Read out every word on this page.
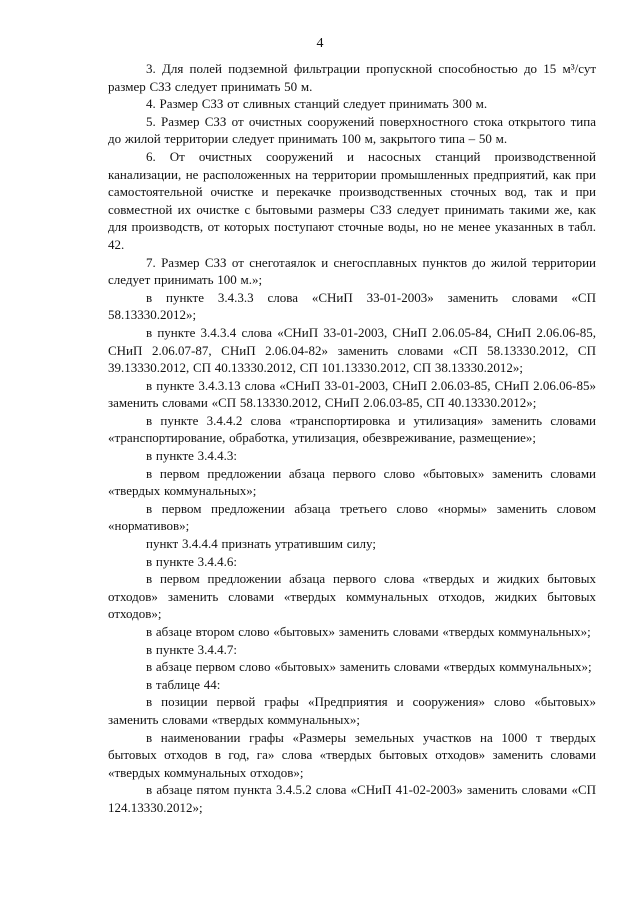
4

3. Для полей подземной фильтрации пропускной способностью до 15 м³/сут размер СЗЗ следует принимать 50 м.

4. Размер СЗЗ от сливных станций следует принимать 300 м.

5. Размер СЗЗ от очистных сооружений поверхностного стока открытого типа до жилой территории следует принимать 100 м, закрытого типа – 50 м.

6. От очистных сооружений и насосных станций производственной канализации, не расположенных на территории промышленных предприятий, как при самостоятельной очистке и перекачке производственных сточных вод, так и при совместной их очистке с бытовыми размеры СЗЗ следует принимать такими же, как для производств, от которых поступают сточные воды, но не менее указанных в табл. 42.

7. Размер СЗЗ от снеготаялок и снегосплавных пунктов до жилой территории следует принимать 100 м.»;

в пункте 3.4.3.3 слова «СНиП 33-01-2003» заменить словами «СП 58.13330.2012»;

в пункте 3.4.3.4 слова «СНиП 33-01-2003, СНиП 2.06.05-84, СНиП 2.06.06-85, СНиП 2.06.07-87, СНиП 2.06.04-82» заменить словами «СП 58.13330.2012, СП 39.13330.2012, СП 40.13330.2012, СП 101.13330.2012, СП 38.13330.2012»;

в пункте 3.4.3.13 слова «СНиП 33-01-2003, СНиП 2.06.03-85, СНиП 2.06.06-85» заменить словами «СП 58.13330.2012, СНиП 2.06.03-85, СП 40.13330.2012»;

в пункте 3.4.4.2 слова «транспортировка и утилизация» заменить словами «транспортирование, обработка, утилизация, обезвреживание, размещение»;

в пункте 3.4.4.3:

в первом предложении абзаца первого слово «бытовых» заменить словами «твердых коммунальных»;

в первом предложении абзаца третьего слово «нормы» заменить словом «нормативов»;

пункт 3.4.4.4 признать утратившим силу;

в пункте 3.4.4.6:

в первом предложении абзаца первого слова «твердых и жидких бытовых отходов» заменить словами «твердых коммунальных отходов, жидких бытовых отходов»;

в абзаце втором слово «бытовых» заменить словами «твердых коммунальных»;

в пункте 3.4.4.7:

в абзаце первом слово «бытовых» заменить словами «твердых коммунальных»;

в таблице 44:

в позиции первой графы «Предприятия и сооружения» слово «бытовых» заменить словами «твердых коммунальных»;

в наименовании графы «Размеры земельных участков на 1000 т твердых бытовых отходов в год, га» слова «твердых бытовых отходов» заменить словами «твердых коммунальных отходов»;

в абзаце пятом пункта 3.4.5.2 слова «СНиП 41-02-2003» заменить словами «СП 124.13330.2012»;
